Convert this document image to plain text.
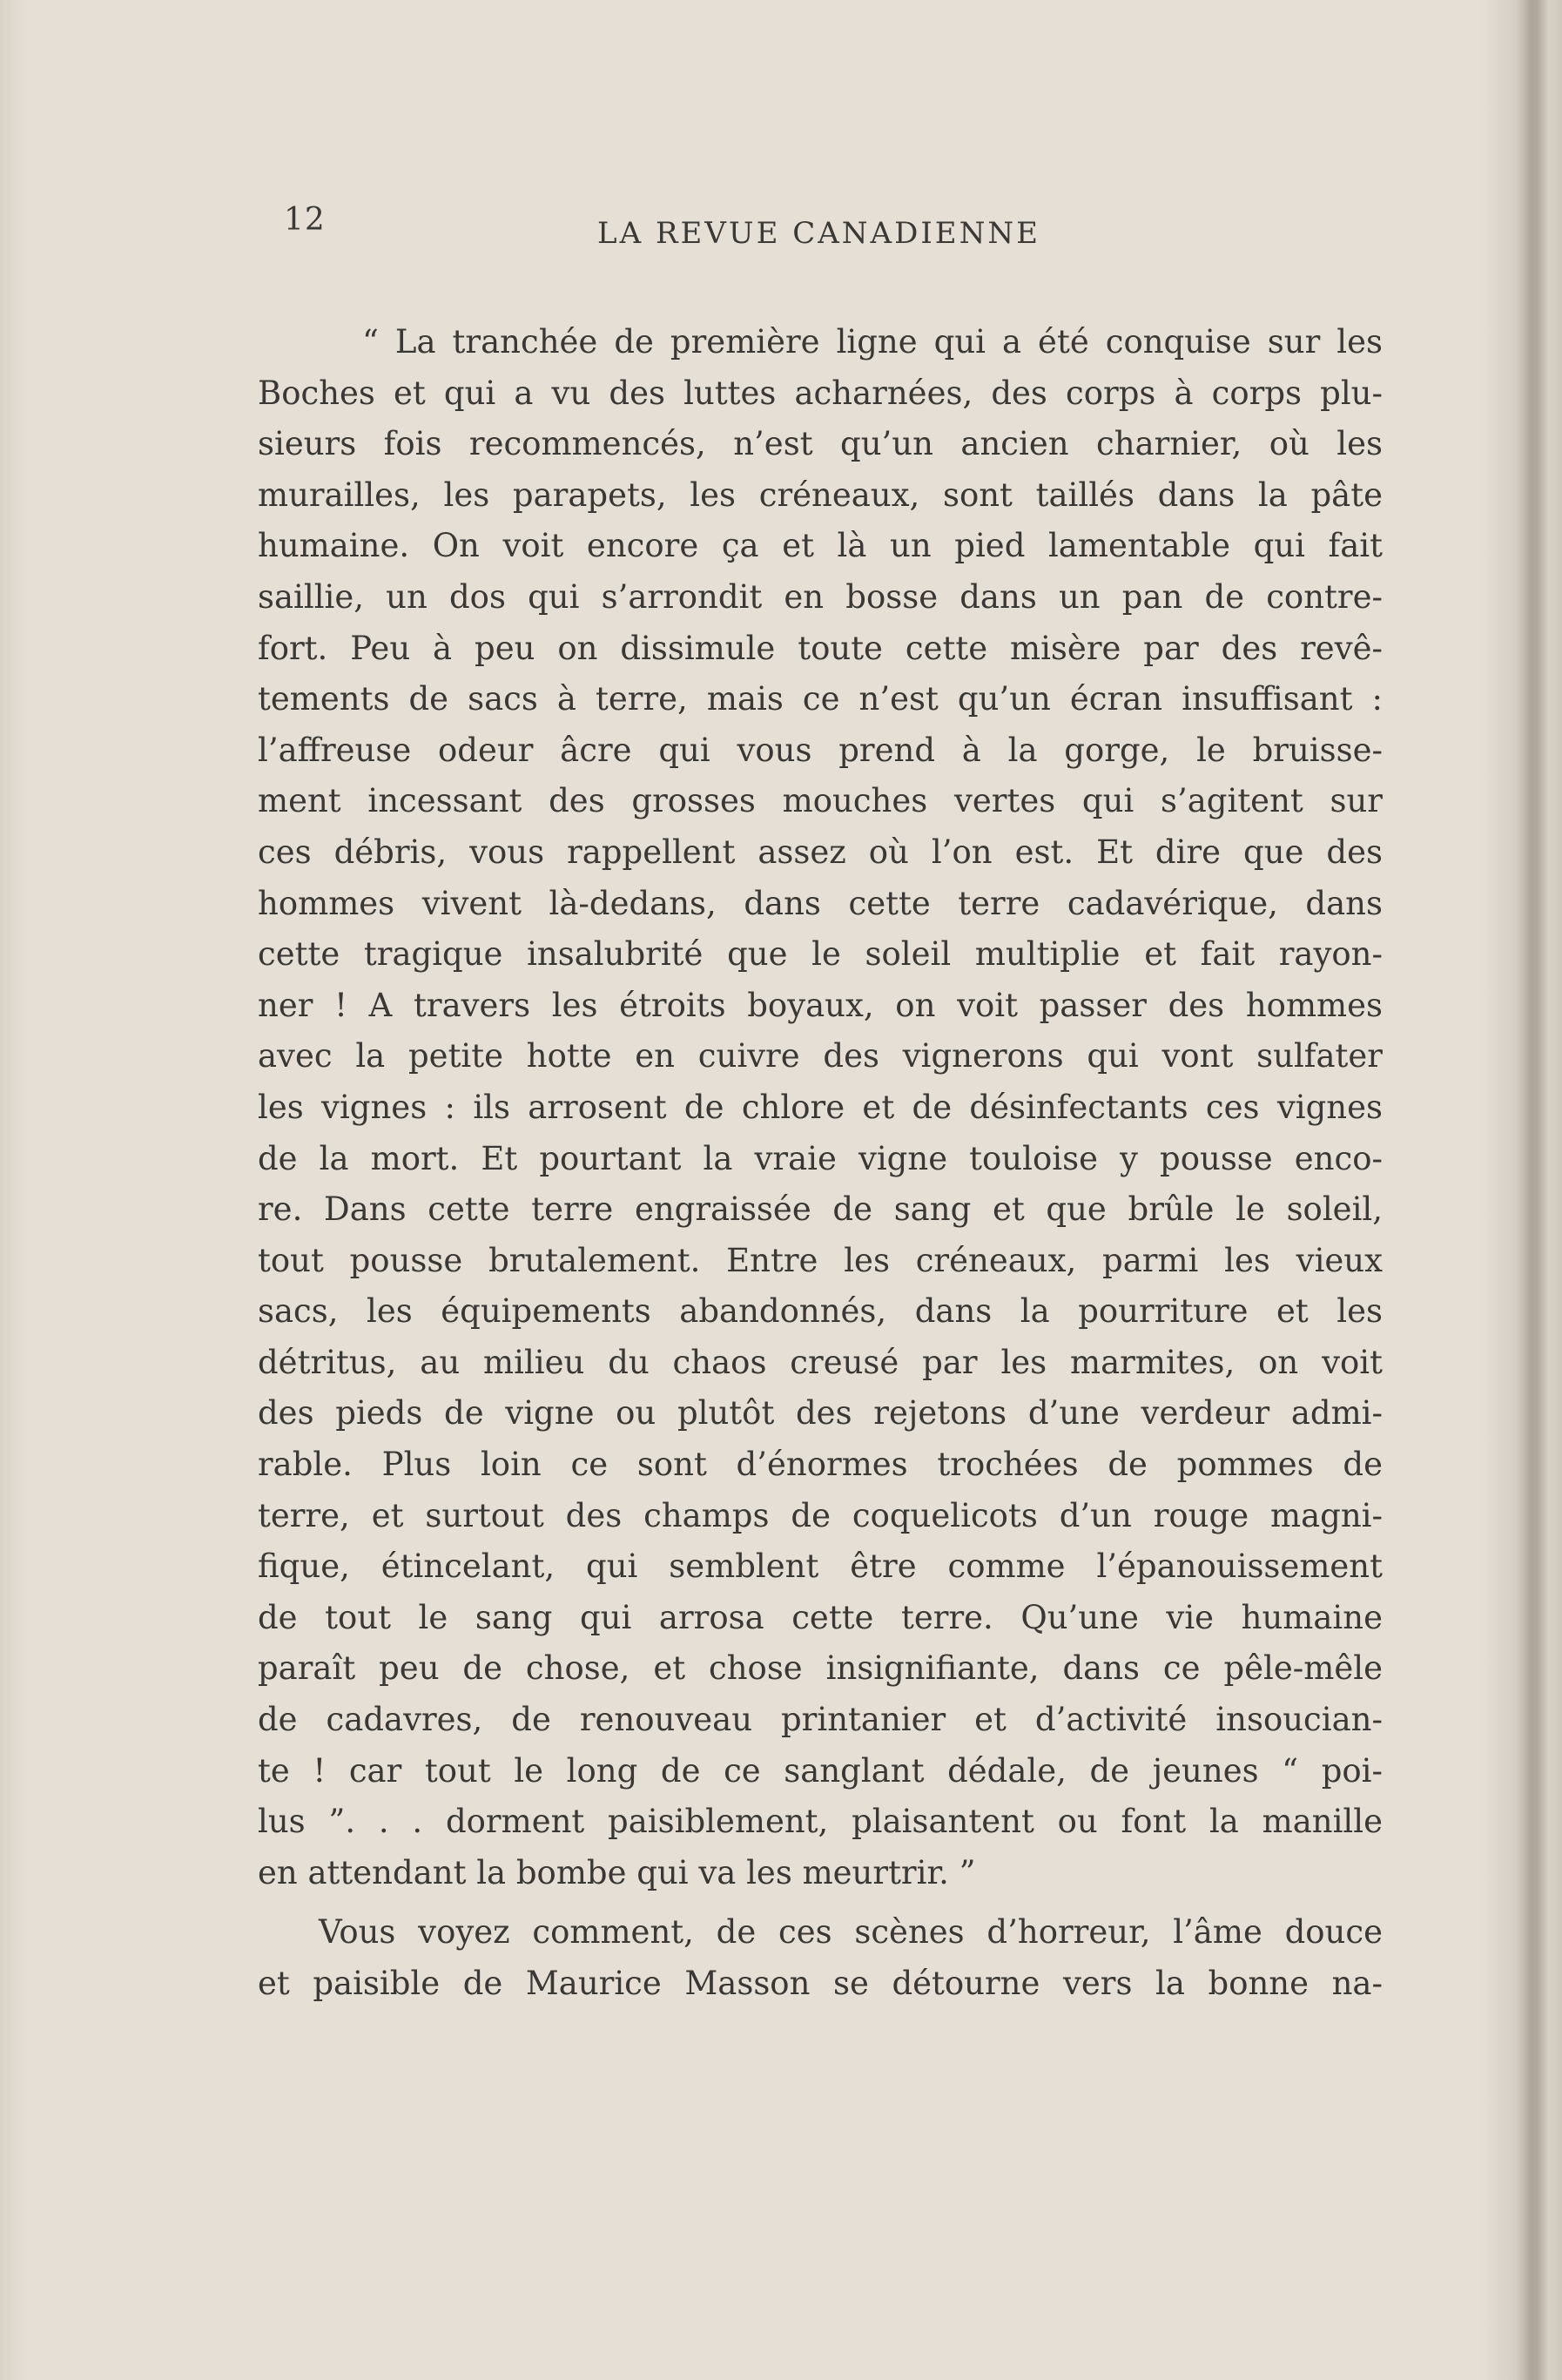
12	LA REVUE CANADIENNE
“ La tranchée de première ligne qui a été conquise sur les
Boches et qui a vu des luttes acharnées, des corps à corps plu-
sieurs fois recommencés, n’est qu’un ancien charnier, où les
murailles, les parapets, les créneaux, sont taillés dans la pâte
humaine. On voit encore ça et là un pied lamentable qui fait
saillie, un dos qui s’arrondit en bosse dans un pan de contre-
fort. Peu à peu on dissimule toute cette misère par des revê-
tements de sacs à terre, mais ce n’est qu’un écran insuffisant :
l’affreuse odeur âcre qui vous prend à la gorge, le bruisse-
ment incessant des grosses mouches vertes qui s’agitent sur
ces débris, vous rappellent assez où l’on est. Et dire que des
hommes vivent là-dedans, dans cette terre cadavérique, dans
cette tragique insalubrité que le soleil multiplie et fait rayon-
ner ! A travers les étroits boyaux, on voit passer des hommes
avec la petite hotte en cuivre des vignerons qui vont sulfater
les vignes : ils arrosent de chlore et de désinfectants ces vignes
de la mort. Et pourtant la vraie vigne touloise y pousse enco-
re. Dans cette terre engraissée de sang et que brûle le soleil,
tout pousse brutalement. Entre les créneaux, parmi les vieux
sacs, les équipements abandonnés, dans la pourriture et les
détritus, au milieu du chaos creusé par les marmites, on voit
des pieds de vigne ou plutôt des rejetons d’une verdeur admi-
rable. Plus loin ce sont d’énormes trochées de pommes de
terre, et surtout des champs de coquelicots d’un rouge magni-
fique, étincelant, qui semblent être comme l’épanouissement
de tout le sang qui arrosa cette terre. Qu’une vie humaine
paraît peu de chose, et chose insignifiante, dans ce pêle-mêle
de cadavres, de renouveau printanier et d’activité insoucian-
te ! car tout le long de ce sanglant dédale, de jeunes “ poi-
lus ”. . . dorment paisiblement, plaisantent ou font la manille
en attendant la bombe qui va les meurtrir. ”
Vous voyez comment, de ces scènes d’horreur, l’âme douce
et paisible de Maurice Masson se détourne vers la bonne na-
